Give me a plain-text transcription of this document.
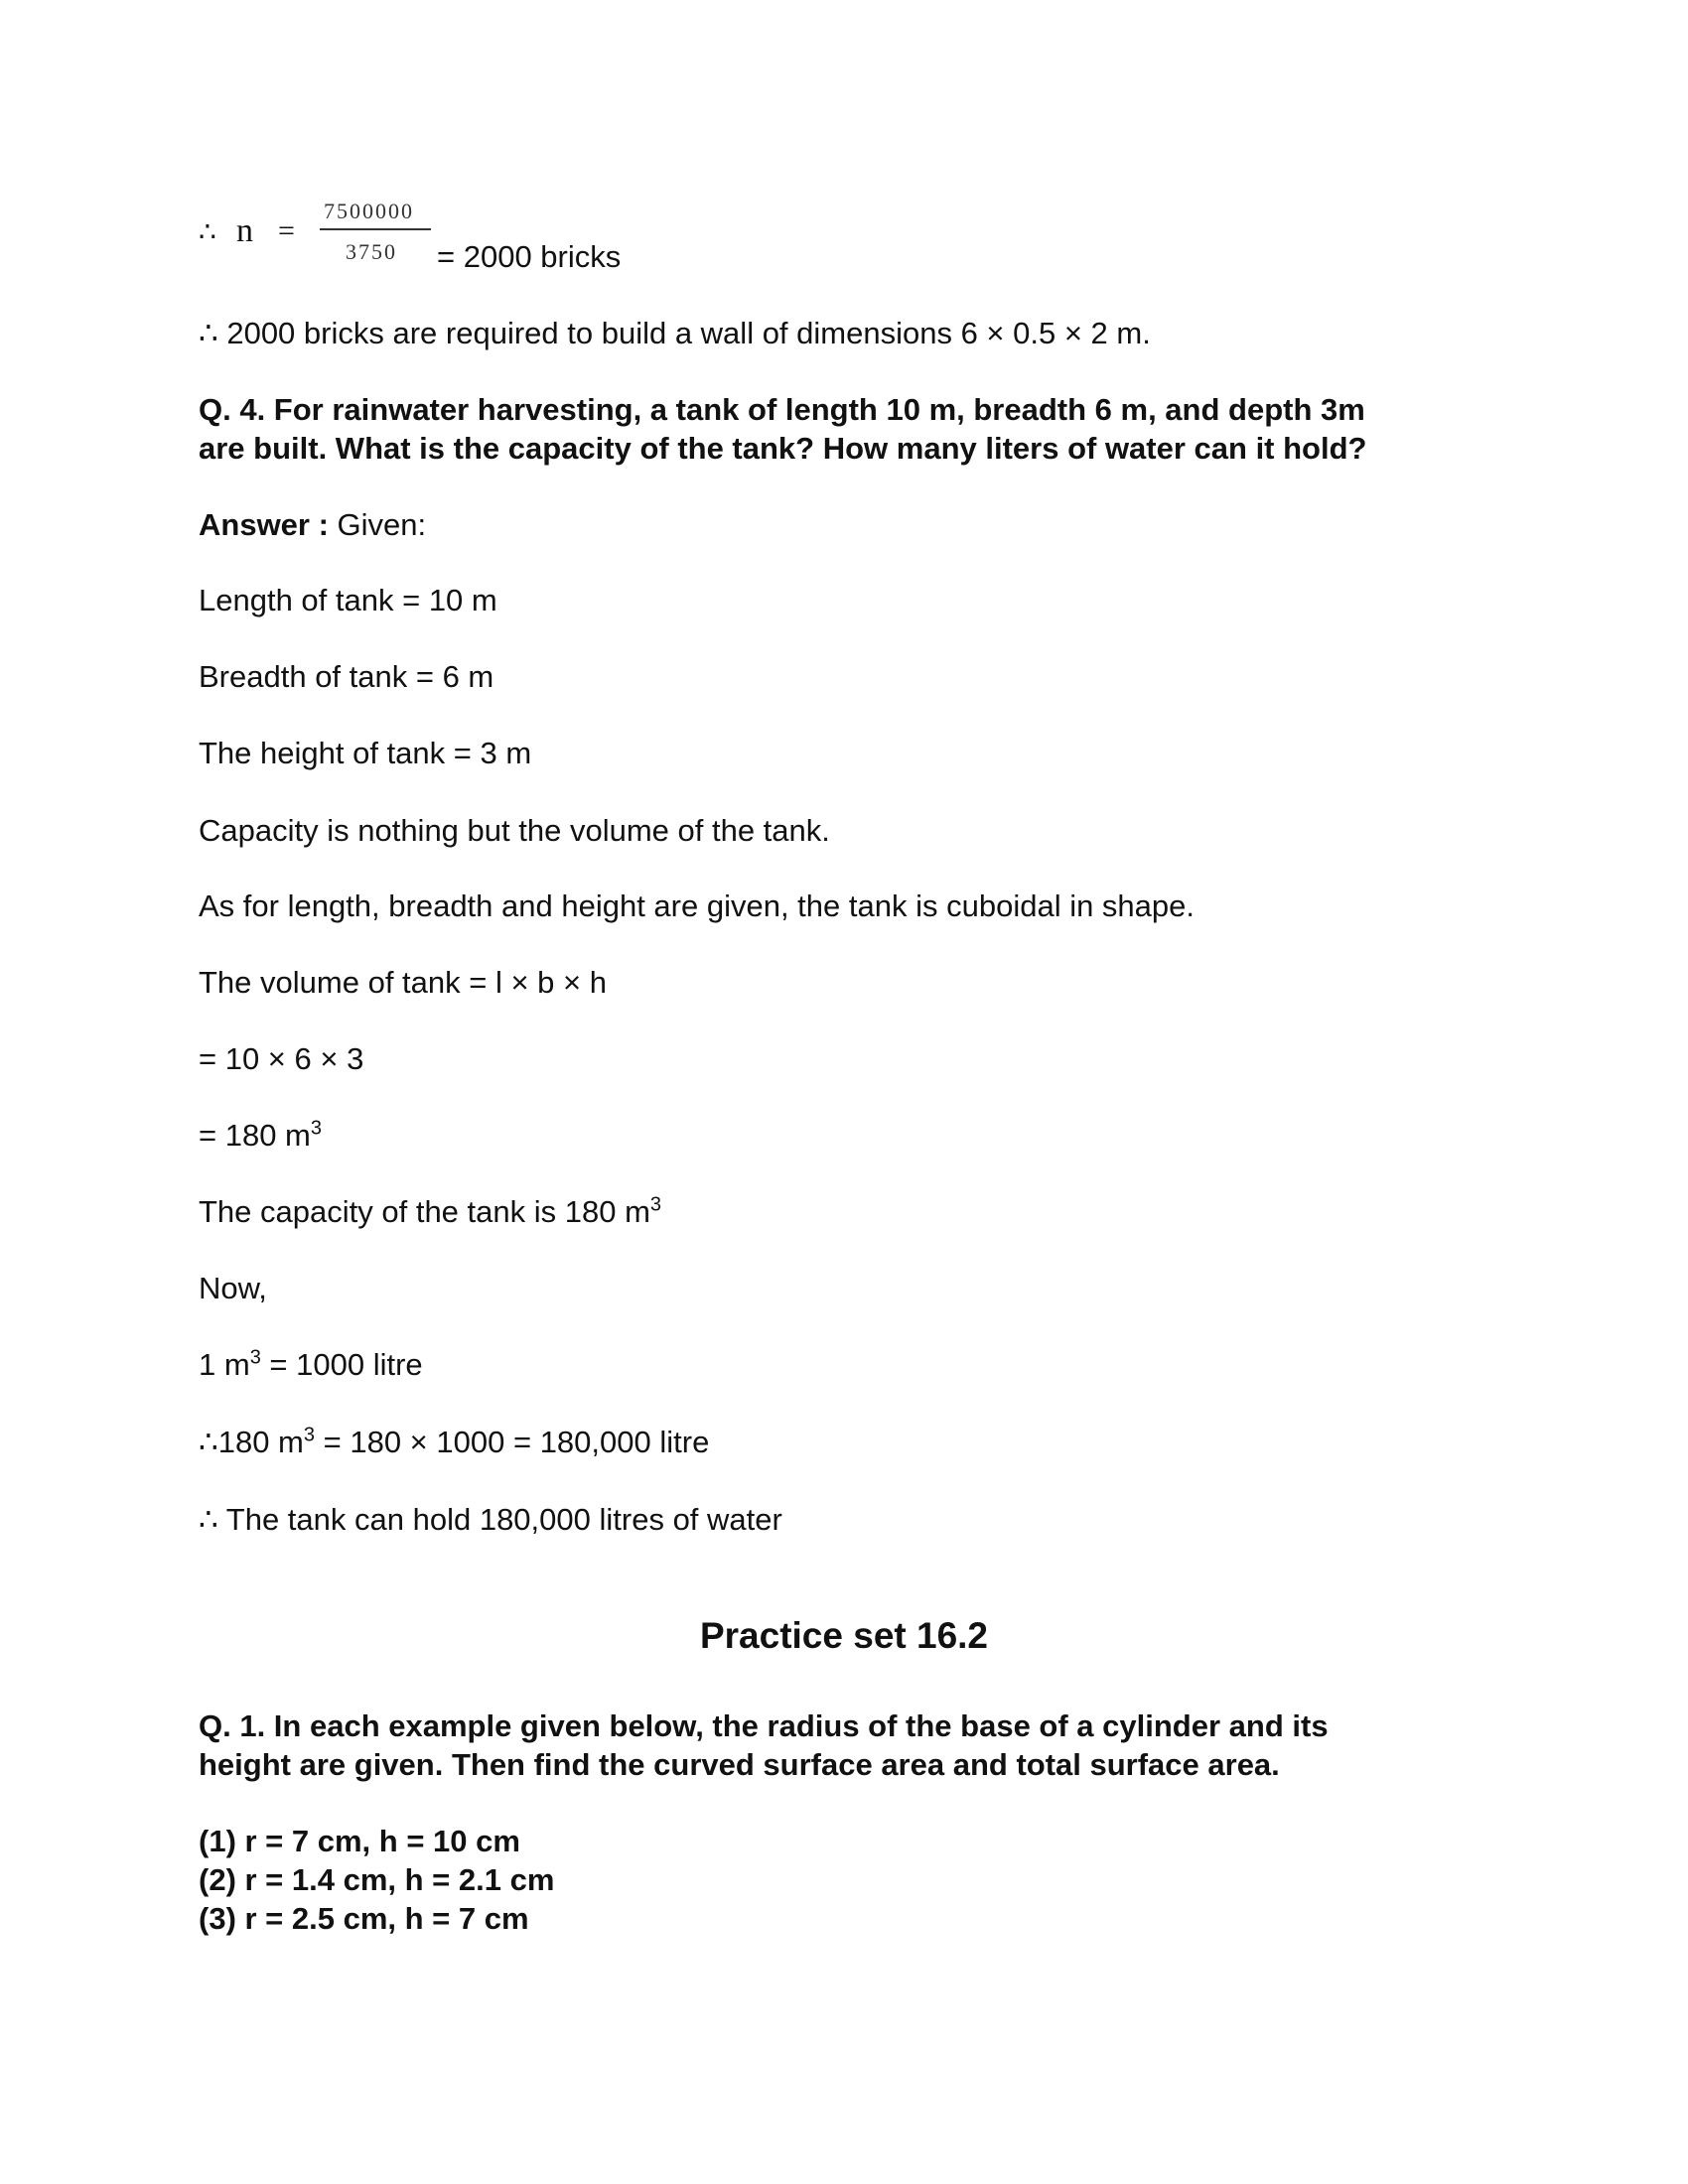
∴ n =
7500000
3750 = 2000 bricks
∴ 2000 bricks are required to build a wall of dimensions 6 × 0.5 × 2 m.
Q. 4. For rainwater harvesting, a tank of length 10 m, breadth 6 m, and depth 3m
are built. What is the capacity of the tank? How many liters of water can it hold?
Answer : Given:
Length of tank = 10 m
Breadth of tank = 6 m
The height of tank = 3 m
Capacity is nothing but the volume of the tank.
As for length, breadth and height are given, the tank is cuboidal in shape.
The volume of tank = l × b × h
= 10 × 6 × 3
= 180 $m^3$
The capacity of the tank is 180 $m^3$
Now,
1 $m^3 = 1000$ litre
∴180 $m^3 = 180 \times 1000 = 180,000$ litre
∴ The tank can hold 180,000 litres of water
Practice set 16.2
Q. 1. In each example given below, the radius of the base of a cylinder and its
height are given. Then find the curved surface area and total surface area.
(1) r = 7 cm, h = 10 cm
(2) r = 1.4 cm, h = 2.1 cm
(3) r = 2.5 cm, h = 7 cm
